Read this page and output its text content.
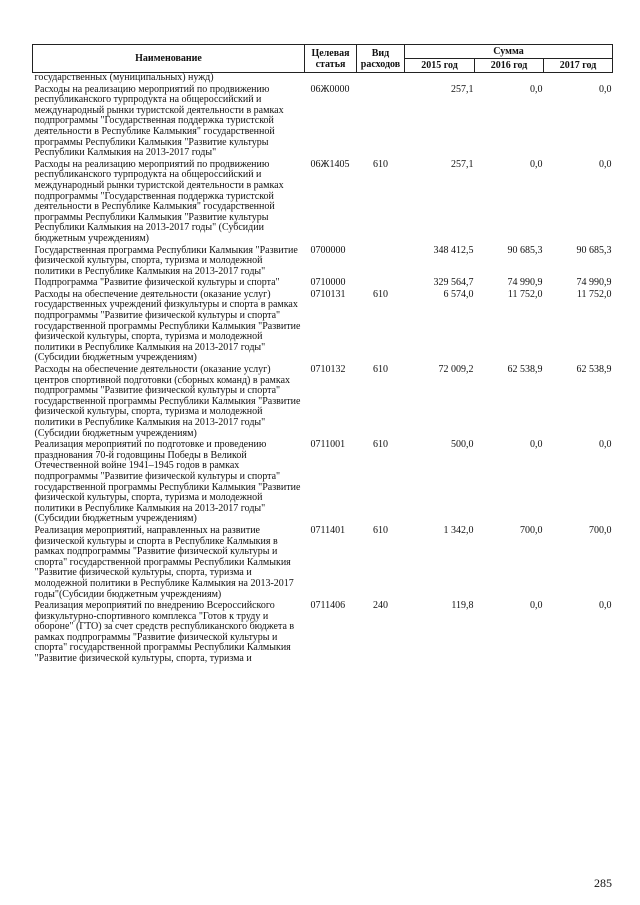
Наименование	Целевая статья	Вид расходов	Сумма		
			2015 год	2016 год	2017 год
государственных (муниципальных) нужд)					
Расходы на реализацию мероприятий по продвижению республиканского турпродукта на общероссийский и международный рынки туристской деятельности в рамках подпрограммы "Государственная поддержка туристской деятельности в Республике Калмыкия" государственной программы Республики Калмыкия "Развитие культуры Республики Калмыкия на 2013-2017 годы"	06Ж0000		257,1	0,0	0,0
Расходы на реализацию мероприятий по продвижению республиканского турпродукта на общероссийский и международный рынки туристской деятельности в рамках подпрограммы "Государственная поддержка туристской деятельности в Республике Калмыкия" государственной программы Республики Калмыкия "Развитие культуры Республики Калмыкия на 2013-2017 годы" (Субсидии бюджетным учреждениям)	06Ж1405	610	257,1	0,0	0,0
Государственная программа Республики Калмыкия "Развитие физической культуры, спорта, туризма и молодежной политики в Республике Калмыкия на 2013-2017 годы"	0700000		348 412,5	90 685,3	90 685,3
Подпрограмма "Развитие физической культуры и спорта"	0710000		329 564,7	74 990,9	74 990,9
Расходы на обеспечение деятельности (оказание услуг) государственных учреждений физкультуры и спорта в рамках подпрограммы "Развитие физической культуры и спорта" государственной программы Республики Калмыкия "Развитие физической культуры, спорта, туризма и молодежной политики в Республике Калмыкия на 2013-2017 годы" (Субсидии бюджетным учреждениям)	0710131	610	6 574,0	11 752,0	11 752,0
Расходы на обеспечение деятельности (оказание услуг) центров спортивной подготовки (сборных команд) в рамках подпрограммы "Развитие физической культуры и спорта" государственной программы Республики Калмыкия "Развитие физической культуры, спорта, туризма и молодежной политики в Республике Калмыкия на 2013-2017 годы" (Субсидии бюджетным учреждениям)	0710132	610	72 009,2	62 538,9	62 538,9
Реализация мероприятий по подготовке и проведению празднования 70-й годовщины Победы в Великой Отечественной войне 1941–1945 годов в рамках подпрограммы "Развитие физической культуры и спорта" государственной программы Республики Калмыкия "Развитие физической культуры, спорта, туризма и молодежной политики в Республике Калмыкия на 2013-2017 годы" (Субсидии бюджетным учреждениям)	0711001	610	500,0	0,0	0,0
Реализация мероприятий, направленных на развитие физической культуры и спорта в Республике Калмыкия в рамках подпрограммы "Развитие физической культуры и спорта" государственной программы Республики Калмыкия "Развитие физической культуры, спорта, туризма и молодежной политики в Республике Калмыкия на 2013-2017 годы"(Субсидии бюджетным учреждениям)	0711401	610	1 342,0	700,0	700,0
Реализация мероприятий по внедрению Всероссийского физкультурно-спортивного комплекса "Готов к труду и обороне" (ГТО) за счет средств республиканского бюджета в рамках подпрограммы "Развитие физической культуры и спорта" государственной программы Республики Калмыкия "Развитие физической культуры, спорта, туризма и	0711406	240	119,8	0,0	0,0
285
